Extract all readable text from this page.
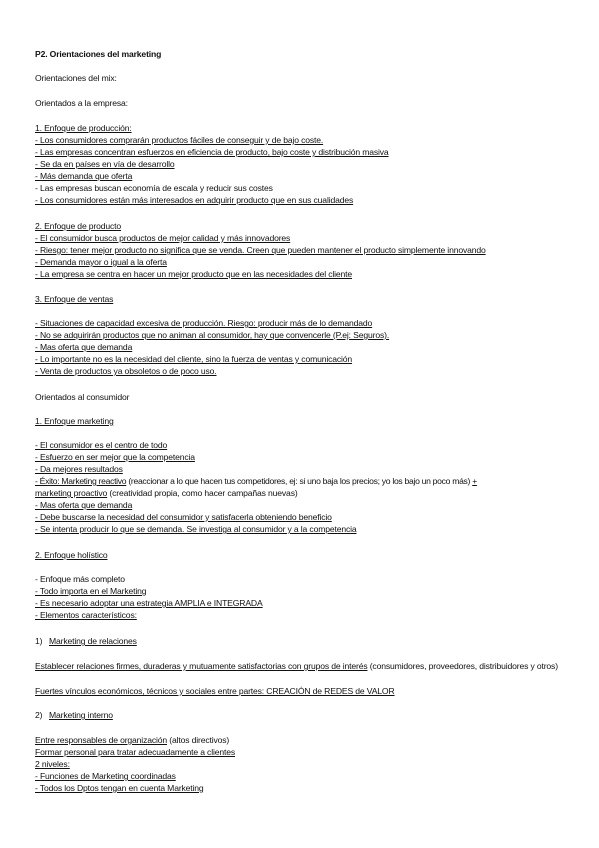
P2. Orientaciones del marketing
Orientaciones del mix:
Orientados a la empresa:
1. Enfoque de producción:
- Los consumidores comprarán productos fáciles de conseguir y de bajo coste.
- Las empresas concentran esfuerzos en eficiencia de producto, bajo coste y distribución masiva
- Se da en países en vía de desarrollo
- Más demanda que oferta
- Las empresas buscan economía de escala y reducir sus costes
- Los consumidores están más interesados en adquirir producto que en sus cualidades
2. Enfoque de producto
- El consumidor busca productos de mejor calidad y más innovadores
- Riesgo: tener mejor producto no significa que se venda. Creen que pueden mantener el producto simplemente innovando
- Demanda mayor o igual a la oferta
- La empresa se centra en hacer un mejor producto que en las necesidades del cliente
3. Enfoque de ventas
- Situaciones de capacidad excesiva de producción. Riesgo: producir más de lo demandado
- No se adquirirán productos que no animan al consumidor, hay que convencerle (P.ej: Seguros).
- Mas oferta que demanda
- Lo importante no es la necesidad del cliente, sino la fuerza de ventas y comunicación
- Venta de productos ya obsoletos o de poco uso.
Orientados al consumidor
1. Enfoque marketing
- El consumidor es el centro de todo
- Esfuerzo en ser mejor que la competencia
- Da mejores resultados
- Éxito: Marketing reactivo (reaccionar a lo que hacen tus competidores, ej: si uno baja los precios; yo los bajo un poco más) +
marketing proactivo (creatividad propia, como hacer campañas nuevas)
- Mas oferta que demanda
- Debe buscarse la necesidad del consumidor y satisfacerla obteniendo beneficio
- Se intenta producir lo que se demanda. Se investiga al consumidor y a la competencia
2. Enfoque holístico
- Enfoque más completo
- Todo importa en el Marketing
- Es necesario adoptar una estrategia AMPLIA e INTEGRADA
- Elementos característicos:
1) Marketing de relaciones
Establecer relaciones firmes, duraderas y mutuamente satisfactorias con grupos de interés (consumidores, proveedores, distribuidores y otros)
Fuertes vínculos económicos, técnicos y sociales entre partes: CREACIÓN de REDES de VALOR
2) Marketing interno
Entre responsables de organización (altos directivos)
Formar personal para tratar adecuadamente a clientes
2 niveles:
- Funciones de Marketing coordinadas
- Todos los Dptos tengan en cuenta Marketing
